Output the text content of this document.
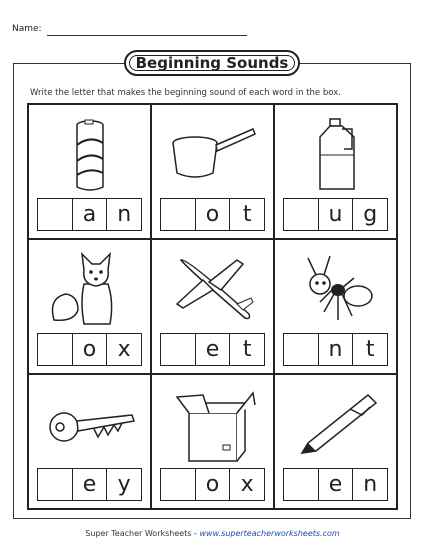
Name:
Beginning Sounds
Write the letter that makes the beginning sound of each word in the box.
a n	o	t	u g
o x	e	t	n	t
e y	o x	e n
Super Teacher Worksheets - www.superteacherworksheets.com
